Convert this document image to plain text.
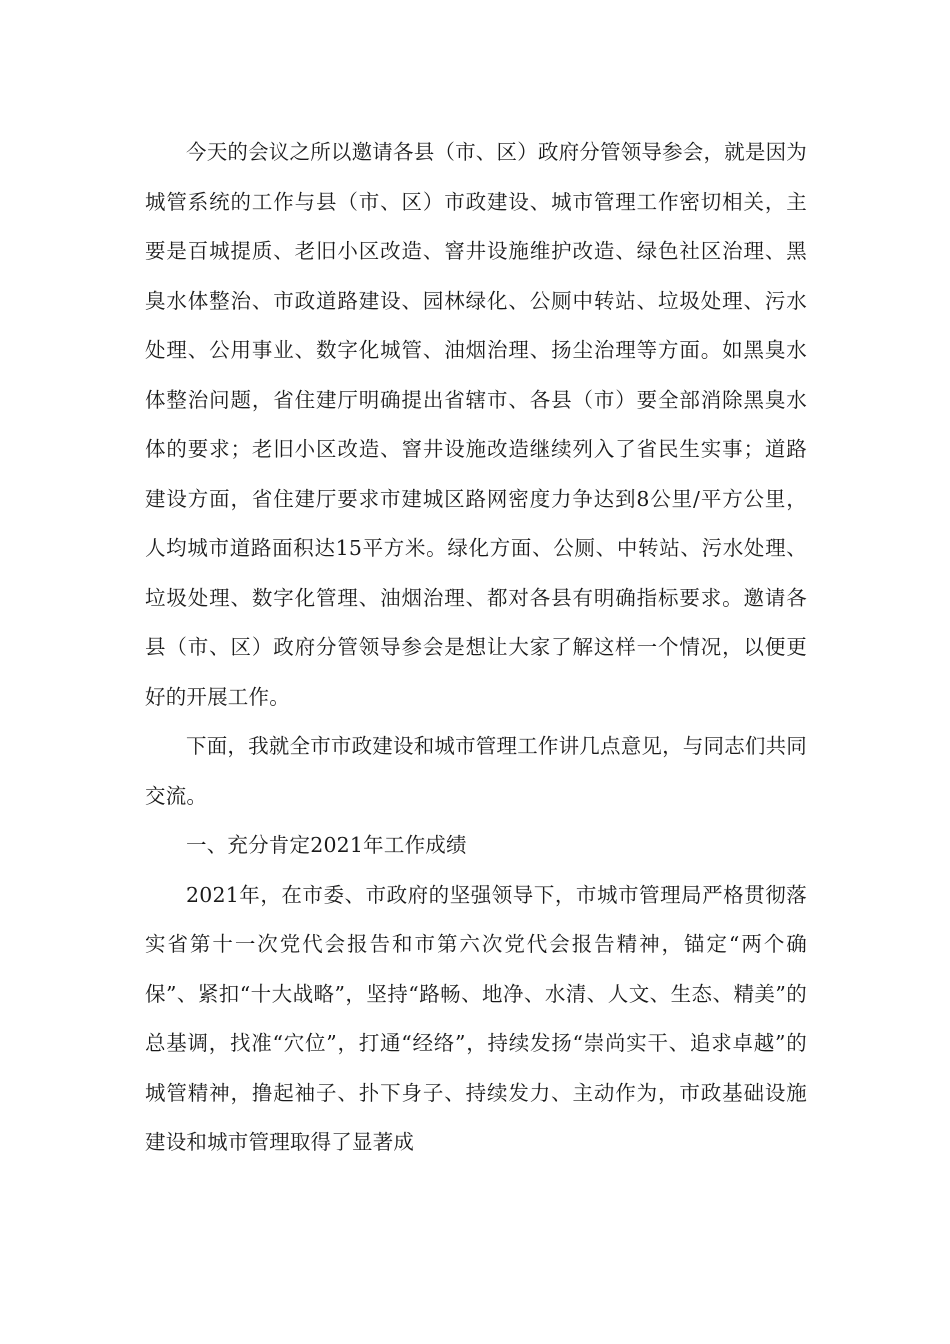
今天的会议之所以邀请各县（市、区）政府分管领导参会，就是因为城管系统的工作与县（市、区）市政建设、城市管理工作密切相关，主要是百城提质、老旧小区改造、窨井设施维护改造、绿色社区治理、黑臭水体整治、市政道路建设、园林绿化、公厕中转站、垃圾处理、污水处理、公用事业、数字化城管、油烟治理、扬尘治理等方面。如黑臭水体整治问题，省住建厅明确提出省辖市、各县（市）要全部消除黑臭水体的要求；老旧小区改造、窨井设施改造继续列入了省民生实事；道路建设方面，省住建厅要求市建城区路网密度力争达到8公里/平方公里，人均城市道路面积达15平方米。绿化方面、公厕、中转站、污水处理、垃圾处理、数字化管理、油烟治理、都对各县有明确指标要求。邀请各县（市、区）政府分管领导参会是想让大家了解这样一个情况，以便更好的开展工作。

下面，我就全市市政建设和城市管理工作讲几点意见，与同志们共同交流。

一、充分肯定2021年工作成绩

2021年，在市委、市政府的坚强领导下，市城市管理局严格贯彻落实省第十一次党代会报告和市第六次党代会报告精神，锚定“两个确保”、紧扣“十大战略”，坚持“路畅、地净、水清、人文、生态、精美”的总基调，找准“穴位”，打通“经络”，持续发扬“崇尚实干、追求卓越”的城管精神，撸起袖子、扑下身子、持续发力、主动作为，市政基础设施建设和城市管理取得了显著成
